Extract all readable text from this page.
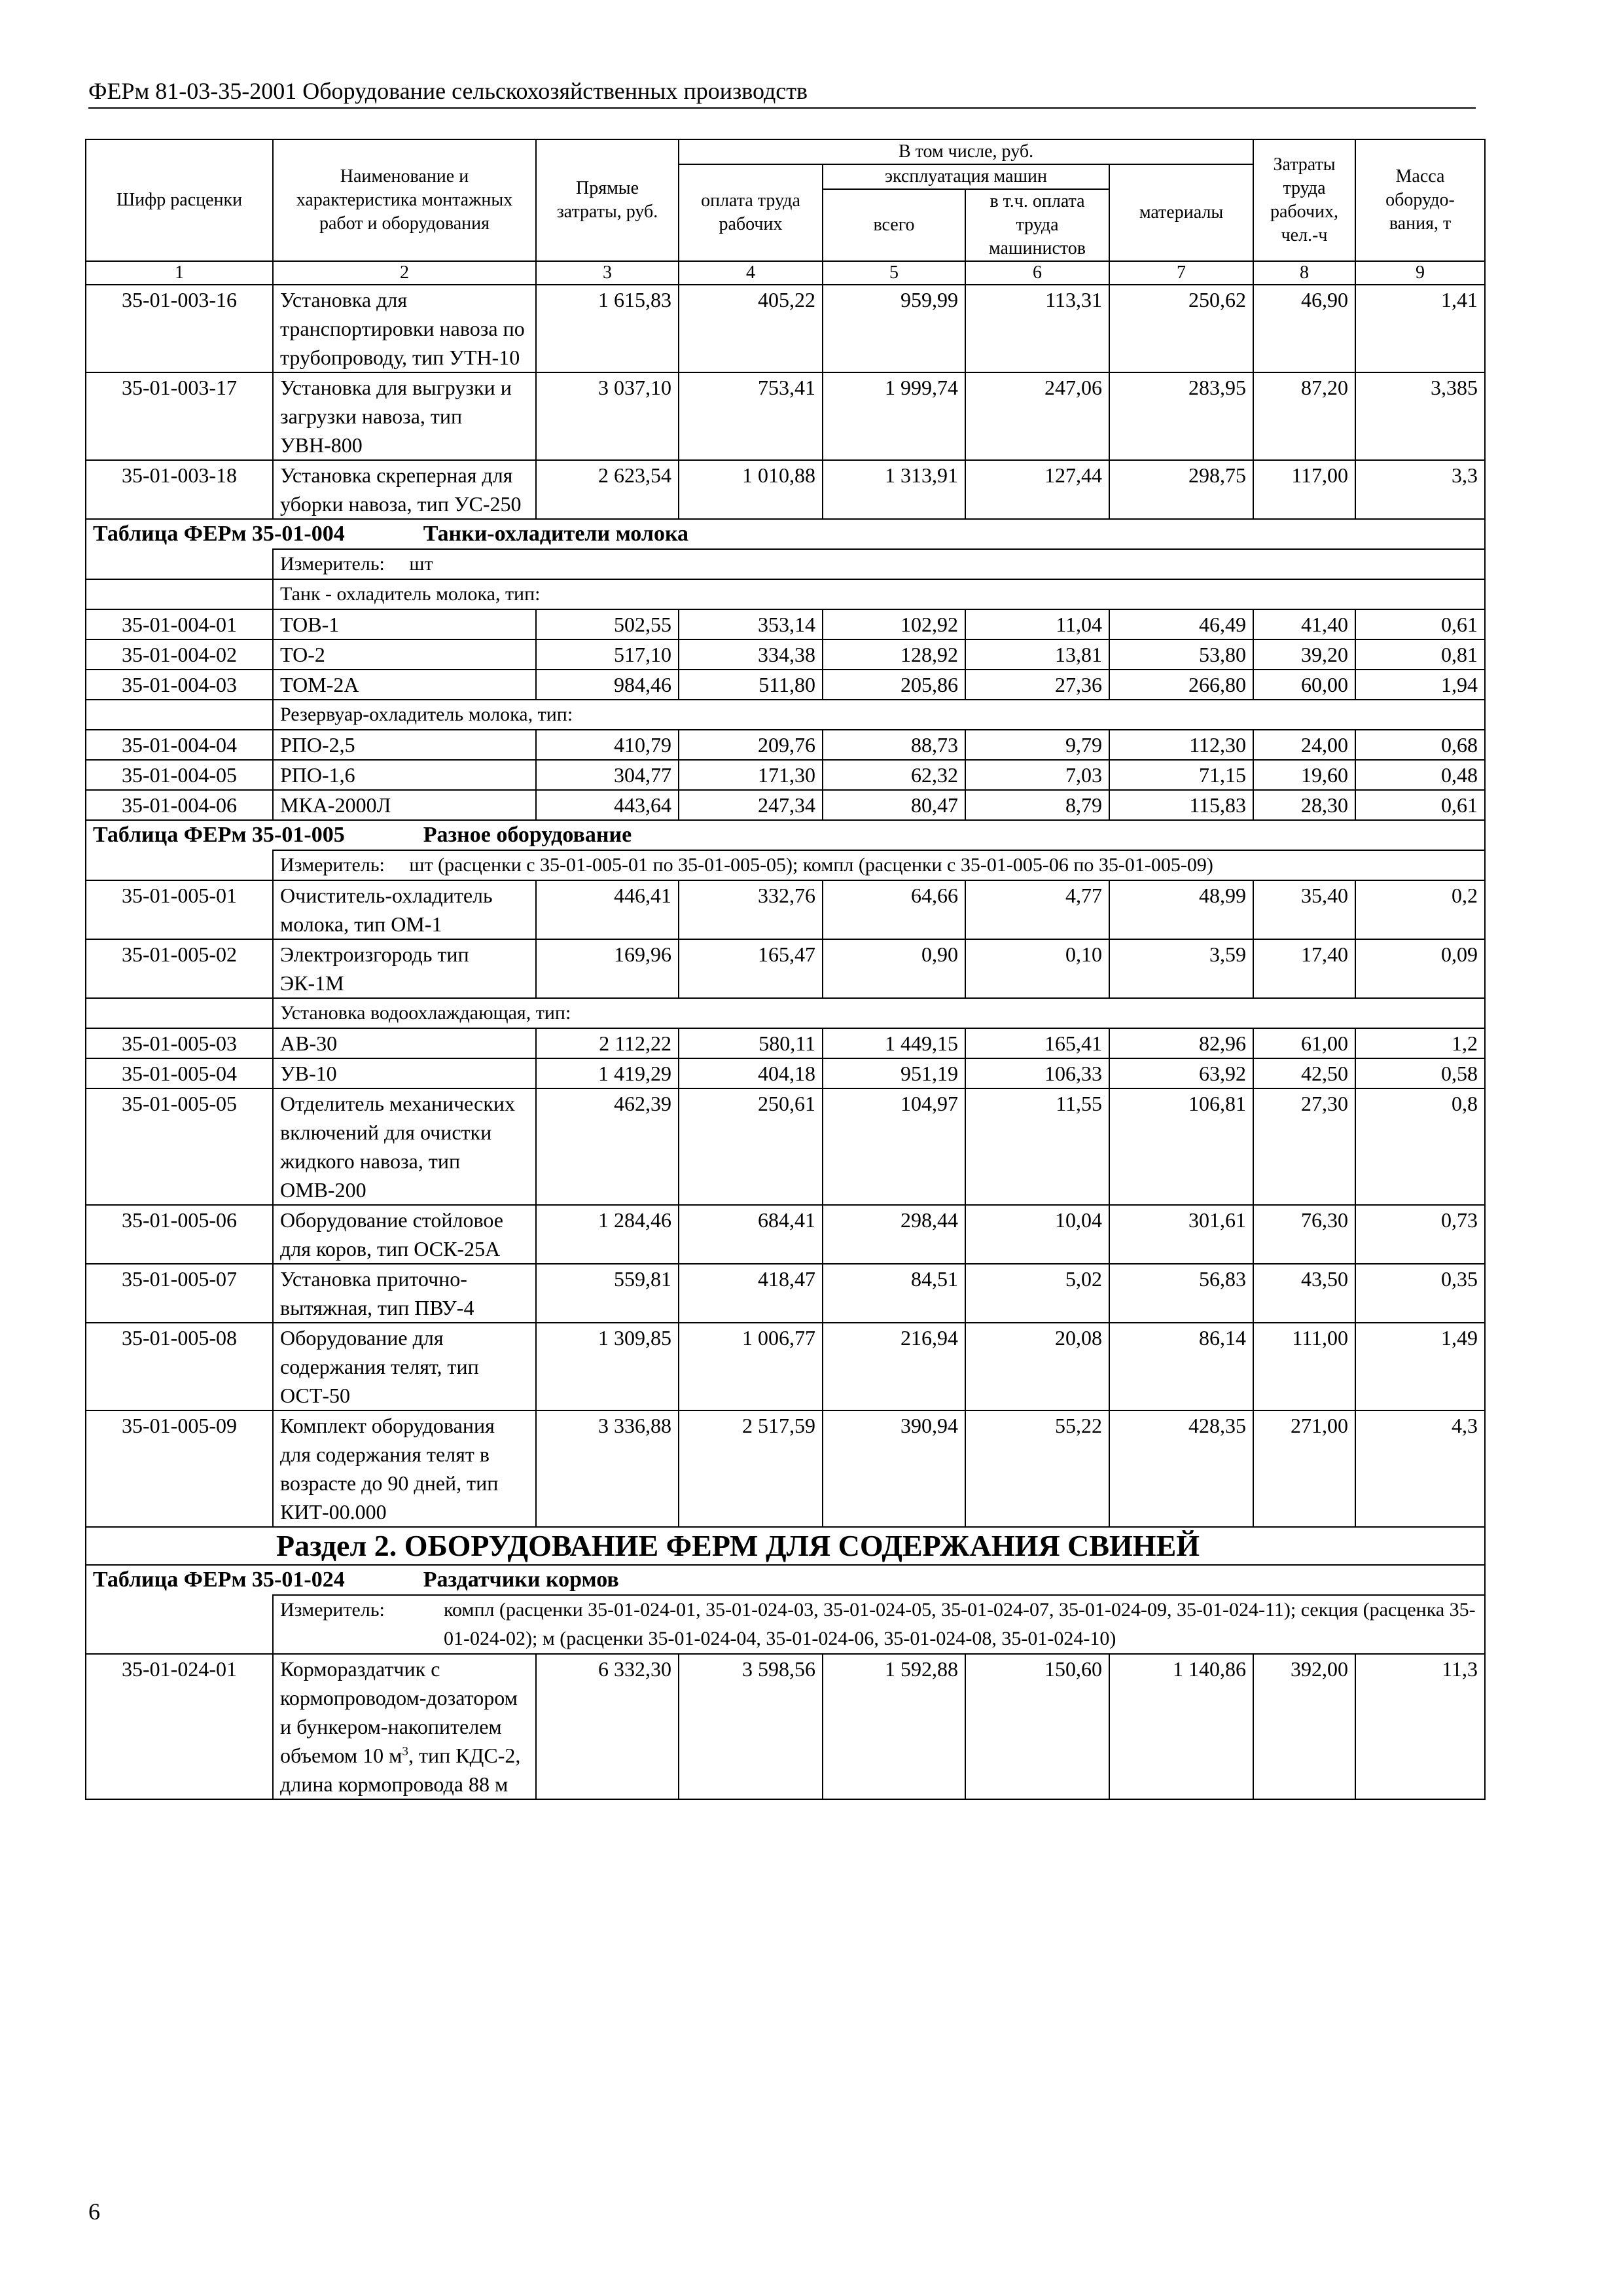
ФЕРм 81-03-35-2001 Оборудование сельскохозяйственных производств
Шифр расценки	Наименование и характеристика монтажных работ и оборудования	Прямые затраты, руб.	В том числе, руб.				Затраты труда рабочих, чел.-ч	Масса оборудо-вания, т
			оплата труда рабочих	эксплуатация машин		материалы		
				всего	в т.ч. оплата труда машинистов			
1	2	3	4	5	6	7	8	9
35-01-003-16	Установка для транспортировки навоза по трубопроводу, тип УТН-10	1 615,83	405,22	959,99	113,31	250,62	46,90	1,41
35-01-003-17	Установка для выгрузки и загрузки навоза, тип УВН-800	3 037,10	753,41	1 999,74	247,06	283,95	87,20	3,385
35-01-003-18	Установка скреперная для уборки навоза, тип УС-250	2 623,54	1 010,88	1 313,91	127,44	298,75	117,00	3,3
Таблица ФЕРм 35-01-004 Танки-охладители молока								
	Измеритель: шт							
	Танк - охладитель молока, тип:							
35-01-004-01	ТОВ-1	502,55	353,14	102,92	11,04	46,49	41,40	0,61
35-01-004-02	ТО-2	517,10	334,38	128,92	13,81	53,80	39,20	0,81
35-01-004-03	ТОМ-2А	984,46	511,80	205,86	27,36	266,80	60,00	1,94
	Резервуар-охладитель молока, тип:							
35-01-004-04	РПО-2,5	410,79	209,76	88,73	9,79	112,30	24,00	0,68
35-01-004-05	РПО-1,6	304,77	171,30	62,32	7,03	71,15	19,60	0,48
35-01-004-06	МКА-2000Л	443,64	247,34	80,47	8,79	115,83	28,30	0,61
Таблица ФЕРм 35-01-005 Разное оборудование								
	Измеритель: шт (расценки с 35-01-005-01 по 35-01-005-05); компл (расценки с 35-01-005-06 по 35-01-005-09)							
35-01-005-01	Очиститель-охладитель молока, тип ОМ-1	446,41	332,76	64,66	4,77	48,99	35,40	0,2
35-01-005-02	Электроизгородь тип ЭК-1М	169,96	165,47	0,90	0,10	3,59	17,40	0,09
	Установка водоохлаждающая, тип:							
35-01-005-03	АВ-30	2 112,22	580,11	1 449,15	165,41	82,96	61,00	1,2
35-01-005-04	УВ-10	1 419,29	404,18	951,19	106,33	63,92	42,50	0,58
35-01-005-05	Отделитель механических включений для очистки жидкого навоза, тип ОМВ-200	462,39	250,61	104,97	11,55	106,81	27,30	0,8
35-01-005-06	Оборудование стойловое для коров, тип ОСК-25А	1 284,46	684,41	298,44	10,04	301,61	76,30	0,73
35-01-005-07	Установка приточно-вытяжная, тип ПВУ-4	559,81	418,47	84,51	5,02	56,83	43,50	0,35
35-01-005-08	Оборудование для содержания телят, тип ОСТ-50	1 309,85	1 006,77	216,94	20,08	86,14	111,00	1,49
35-01-005-09	Комплект оборудования для содержания телят в возрасте до 90 дней, тип КИТ-00.000	3 336,88	2 517,59	390,94	55,22	428,35	271,00	4,3
Раздел 2. ОБОРУДОВАНИЕ ФЕРМ ДЛЯ СОДЕРЖАНИЯ СВИНЕЙ								
Таблица ФЕРм 35-01-024 Раздатчики кормов								

	Измеритель: компл (расценки 35-01-024-01, 35-01-024-03, 35-01-024-05, 35-01-024-07, 35-01-024-09, 35-01-024-11); секция (расценка 35-01-024-02); м (расценки 35-01-024-04, 35-01-024-06, 35-01-024-08, 35-01-024-10)							

35-01-024-01	Кормораздатчик с кормопроводом-дозатором и бункером-накопителем объемом 10 $м^3$, тип КДС-2, длина кормопровода 88 м	6 332,30	3 598,56	1 592,88	150,60	1 140,86	392,00	11,3
6
